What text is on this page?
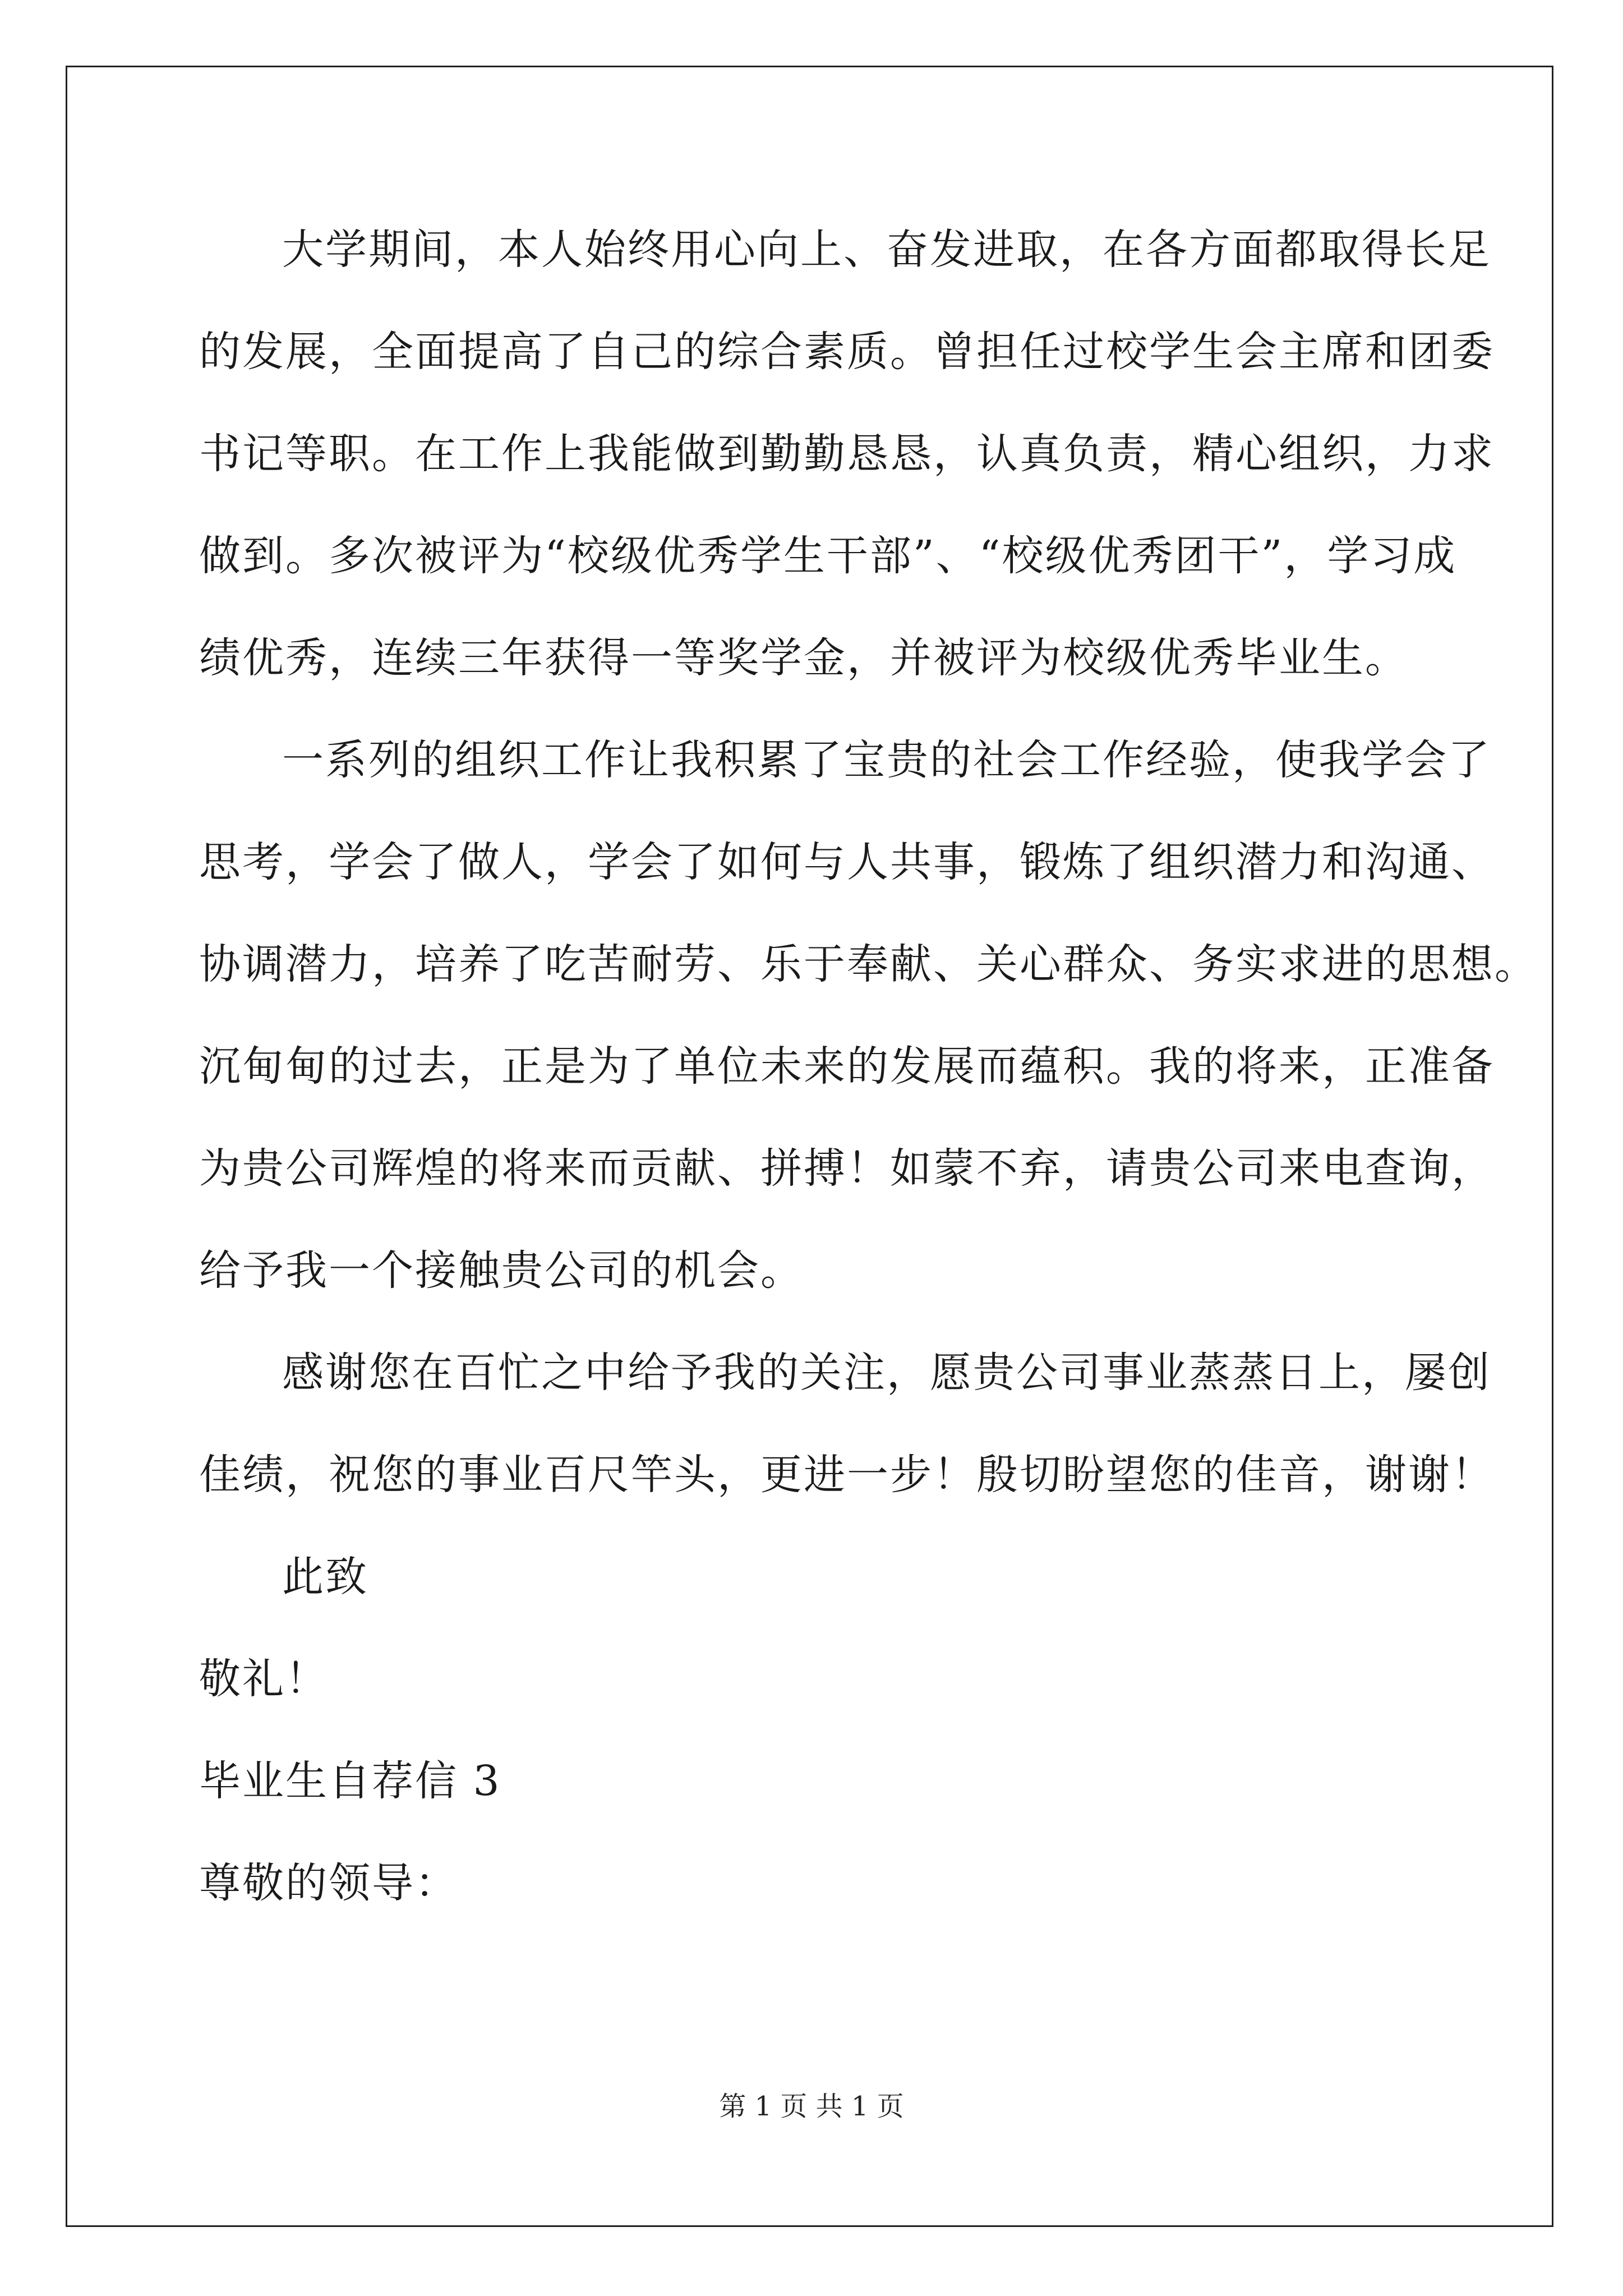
大学期间，本人始终用心向上、奋发进取，在各方面都取得长足
的发展，全面提高了自己的综合素质。曾担任过校学生会主席和团委
书记等职。在工作上我能做到勤勤恳恳，认真负责，精心组织，力求
做到。多次被评为“校级优秀学生干部”、“校级优秀团干”，学习成
绩优秀，连续三年获得一等奖学金，并被评为校级优秀毕业生。
一系列的组织工作让我积累了宝贵的社会工作经验，使我学会了
思考，学会了做人，学会了如何与人共事，锻炼了组织潜力和沟通、
协调潜力，培养了吃苦耐劳、乐于奉献、关心群众、务实求进的思想。
沉甸甸的过去，正是为了单位未来的发展而蕴积。我的将来，正准备
为贵公司辉煌的将来而贡献、拼搏！如蒙不弃，请贵公司来电查询，
给予我一个接触贵公司的机会。
感谢您在百忙之中给予我的关注，愿贵公司事业蒸蒸日上，屡创
佳绩，祝您的事业百尺竿头，更进一步！殷切盼望您的佳音，谢谢！
此致
敬礼！
毕业生自荐信 3
尊敬的领导：
第 1 页 共 1 页
